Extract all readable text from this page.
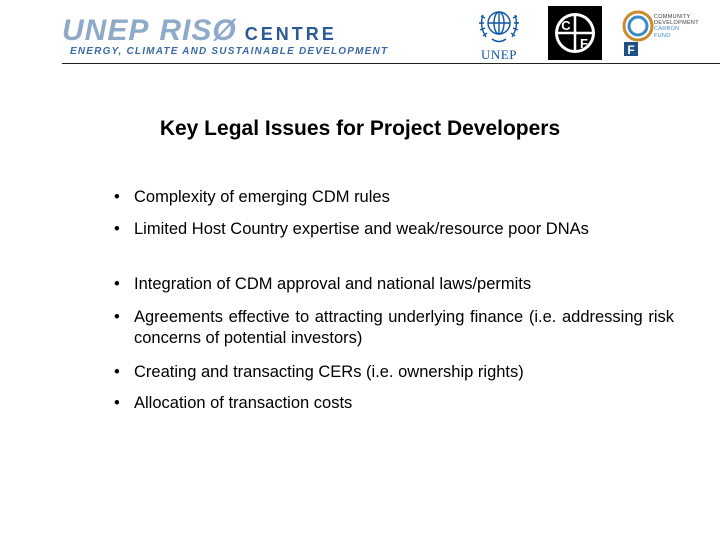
UNEP RISØ CENTRE
ENERGY, CLIMATE AND SUSTAINABLE DEVELOPMENT	UNEP
C
F	F
COMMUNITY
DEVELOPMENT
CARBON
FUND
Key Legal Issues for Project Developers
• Complexity of emerging CDM rules
• Limited Host Country expertise and weak/resource poor DNAs
• Integration of CDM approval and national laws/permits
• Agreements effective to attracting underlying finance (i.e. addressing risk concerns of potential investors)
• Creating and transacting CERs (i.e. ownership rights)
• Allocation of transaction costs
